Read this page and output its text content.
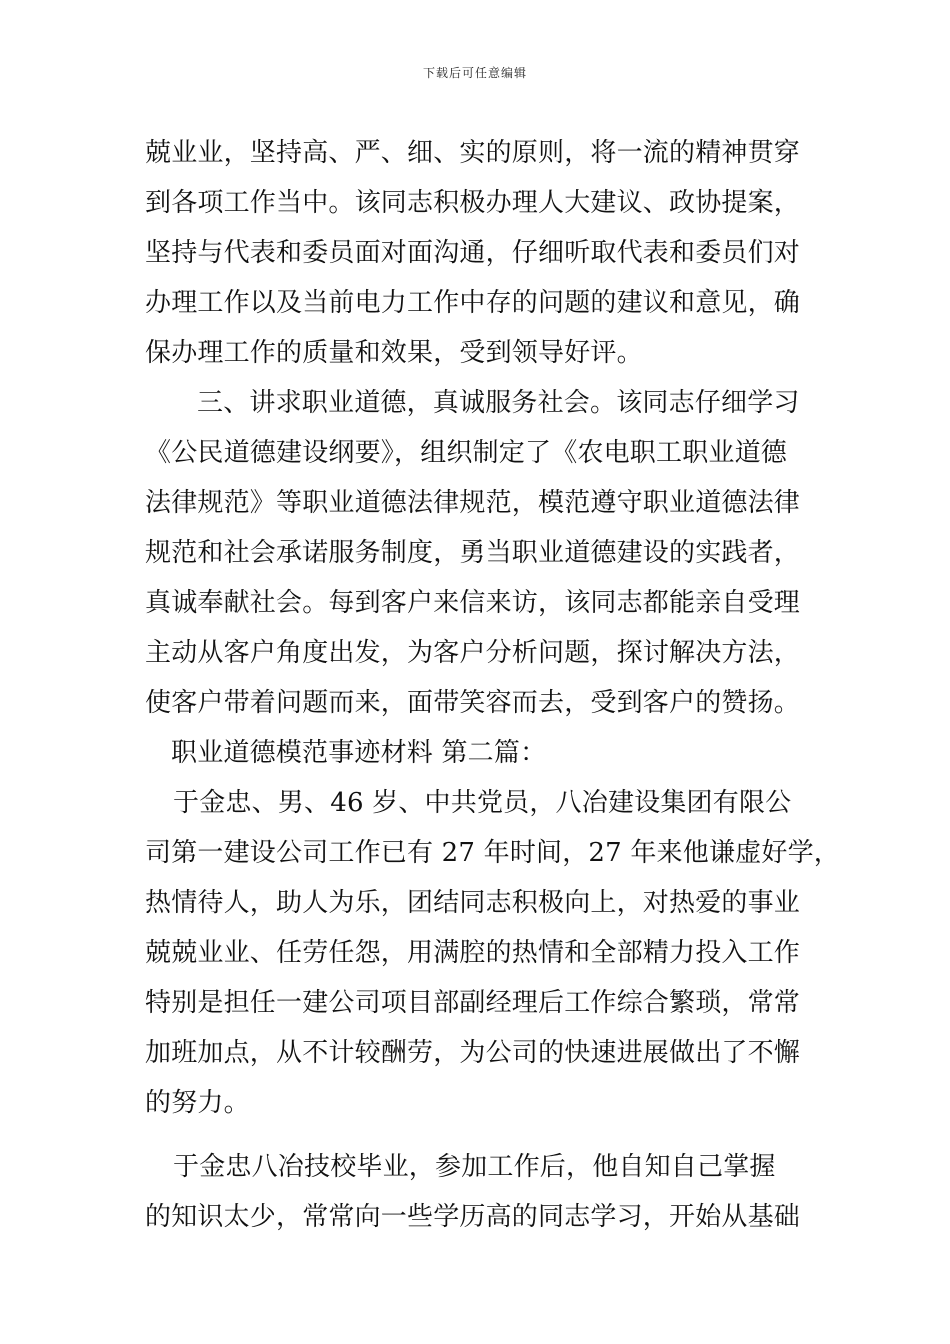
下载后可任意编辑
兢业业，坚持高、严、细、实的原则，将一流的精神贯穿
到各项工作当中。该同志积极办理人大建议、政协提案，
坚持与代表和委员面对面沟通，仔细听取代表和委员们对
办理工作以及当前电力工作中存的问题的建议和意见，确
保办理工作的质量和效果，受到领导好评。
三、讲求职业道德，真诚服务社会。该同志仔细学习
《公民道德建设纲要》，组织制定了《农电职工职业道德
法律规范》等职业道德法律规范，模范遵守职业道德法律
规范和社会承诺服务制度，勇当职业道德建设的实践者，
真诚奉献社会。每到客户来信来访，该同志都能亲自受理
主动从客户角度出发，为客户分析问题，探讨解决方法，
使客户带着问题而来，面带笑容而去，受到客户的赞扬。
职业道德模范事迹材料 第二篇：
于金忠、男、46 岁、中共党员，八冶建设集团有限公
司第一建设公司工作已有 27 年时间，27 年来他谦虚好学，
热情待人，助人为乐，团结同志积极向上，对热爱的事业
兢兢业业、任劳任怨，用满腔的热情和全部精力投入工作
特别是担任一建公司项目部副经理后工作综合繁琐，常常
加班加点，从不计较酬劳，为公司的快速进展做出了不懈
的努力。
于金忠八冶技校毕业，参加工作后，他自知自己掌握
的知识太少，常常向一些学历高的同志学习，开始从基础
